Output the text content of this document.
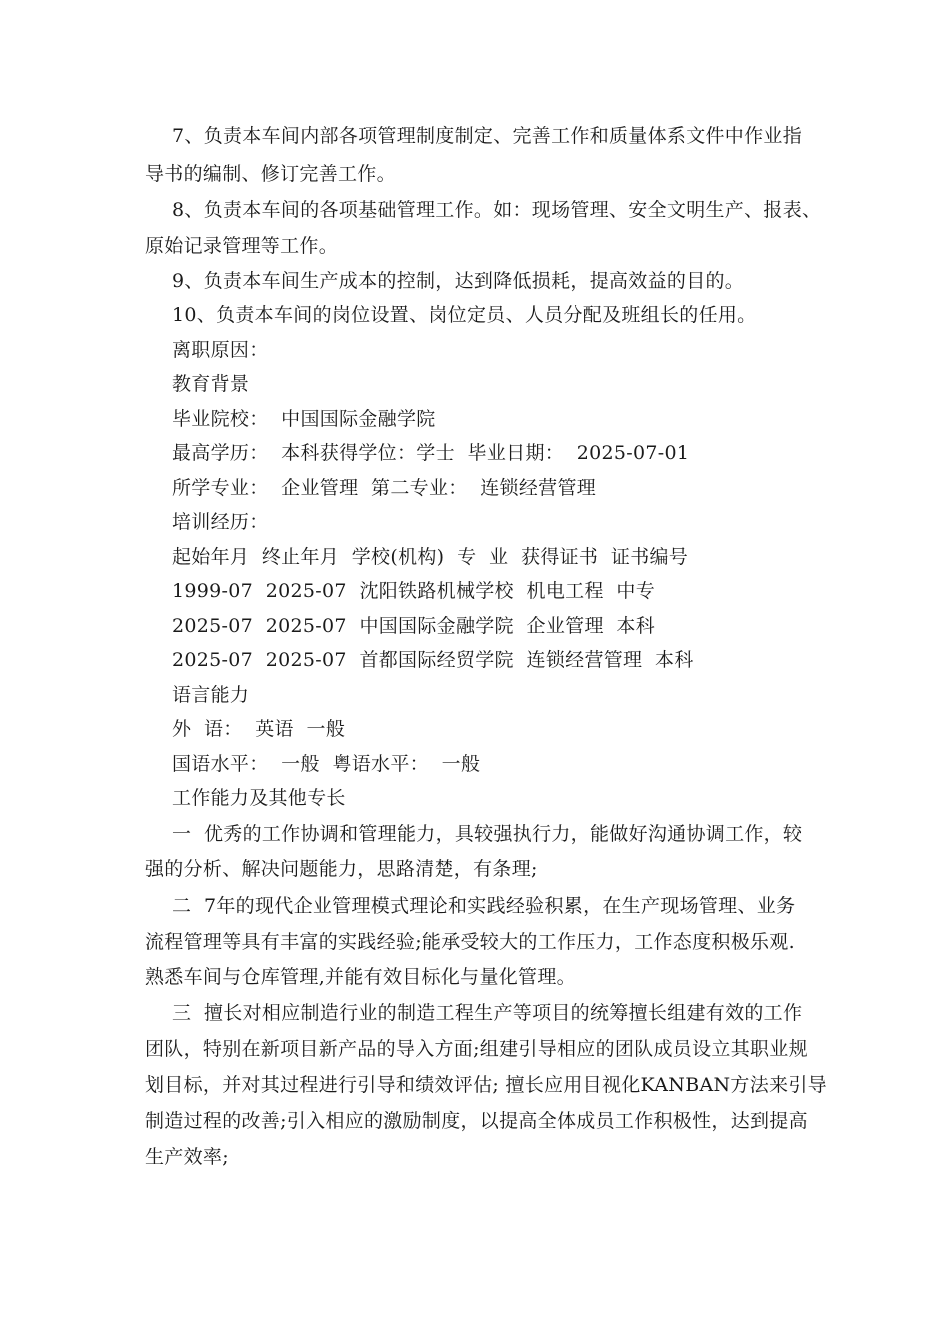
7、负责本车间内部各项管理制度制定、完善工作和质量体系文件中作业指
导书的编制、修订完善工作。
8、负责本车间的各项基础管理工作。如：现场管理、安全文明生产、报表、
原始记录管理等工作。
9、负责本车间生产成本的控制，达到降低损耗，提高效益的目的。
10、负责本车间的岗位设置、岗位定员、人员分配及班组长的任用。
离职原因：
教育背景
毕业院校：  中国国际金融学院
最高学历：  本科获得学位：学士  毕业日期：  2025-07-01
所学专业：  企业管理  第二专业：  连锁经营管理
培训经历：
起始年月  终止年月  学校(机构)  专  业  获得证书  证书编号
1999-07  2025-07  沈阳铁路机械学校  机电工程  中专
2025-07  2025-07  中国国际金融学院  企业管理  本科
2025-07  2025-07  首都国际经贸学院  连锁经营管理  本科
语言能力
外  语：  英语  一般
国语水平：  一般  粤语水平：  一般
工作能力及其他专长
一  优秀的工作协调和管理能力，具较强执行力，能做好沟通协调工作，较
强的分析、解决问题能力，思路清楚，有条理;
二  7年的现代企业管理模式理论和实践经验积累，在生产现场管理、业务
流程管理等具有丰富的实践经验;能承受较大的工作压力，工作态度积极乐观.
熟悉车间与仓库管理,并能有效目标化与量化管理。
三  擅长对相应制造行业的制造工程生产等项目的统筹擅长组建有效的工作
团队，特别在新项目新产品的导入方面;组建引导相应的团队成员设立其职业规
划目标，并对其过程进行引导和绩效评估; 擅长应用目视化KANBAN方法来引导
制造过程的改善;引入相应的激励制度，以提高全体成员工作积极性，达到提高
生产效率;
